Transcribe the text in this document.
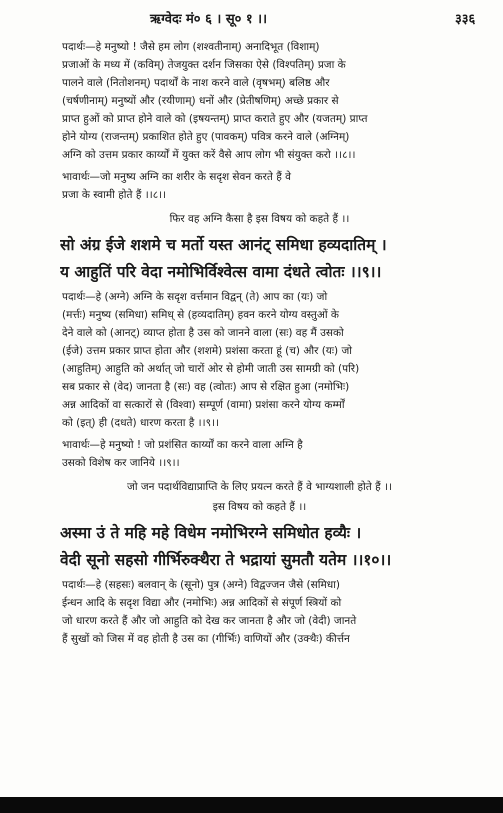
ऋग्वेदः मं० ६ । सू० १ ।।	३३६
पदार्थः—हे मनुष्यो ! जैसे हम लोग (शश्वतीनाम्) अनादिभूत (विशाम्)
प्रजाओं के मध्य में (कविम्) तेजयुक्त दर्शन जिसका ऐसे (विश्पतिम्) प्रजा के
पालने वाले (नितोशनम्) पदार्थों के नाश करने वाले (वृषभम्) बलिष्ठ और
(चर्षणीनाम्) मनुष्यों और (रयीणाम्) धनों और (प्रेतीषणिम्) अच्छे प्रकार से
प्राप्त हुओं को प्राप्त होने वाले को (इषयन्तम्) प्राप्त कराते हुए और (यजतम्) प्राप्त
होने योग्य (राजन्तम्) प्रकाशित होते हुए (पावकम्) पवित्र करने वाले (अग्निम्)
अग्नि को उत्तम प्रकार कार्य्यों में युक्त करें वैसे आप लोग भी संयुक्त करो ।।८।।
भावार्थः—जो मनुष्य अग्नि का शरीर के सदृश सेवन करते हैं वे
प्रजा के स्वामी होते हैं ।।८।।
फिर वह अग्नि कैसा है इस विषय को कहते हैं ।।
सो अंग्र ईजे शशमे च मर्तो यस्त आनंट् समिधा हव्यदातिम् ।
य आहुतिं परि वेदा नमोभिर्विश्वेत्स वामा दंधते त्वोतः ।।९।।
पदार्थः—हे (अग्ने) अग्नि के सदृश वर्त्तमान विद्वन् (ते) आप का (यः) जो
(मर्त्तः) मनुष्य (समिधा) समिध् से (हव्यदातिम्) हवन करने योग्य वस्तुओं के
देने वाले को (आनट्) व्याप्त होता है उस को जानने वाला (सः) वह मैं उसको
(ईजे) उत्तम प्रकार प्राप्त होता और (शशमे) प्रशंसा करता हूं (च) और (यः) जो
(आहुतिम्) आहुति को अर्थात् जो चारों ओर से होमी जाती उस सामग्री को (परि)
सब प्रकार से (वेद) जानता है (सः) वह (त्वोतः) आप से रक्षित हुआ (नमोभिः)
अन्न आदिकों वा सत्कारों से (विश्वा) सम्पूर्ण (वामा) प्रशंसा करने योग्य कर्म्मों
को (इत्) ही (दधते) धारण करता है ।।९।।
भावार्थः—हे मनुष्यो ! जो प्रशंसित कार्य्यों का करने वाला अग्नि है
उसको विशेष कर जानिये ।।९।।
जो जन पदार्थविद्याप्राप्ति के लिए प्रयत्न करते हैं वे भाग्यशाली होते हैं ।।
इस विषय को कहते हैं ।।
अस्मा उं ते महि महे विधेम नमोभिरग्ने समिधोत हव्यैः ।
वेदी सूनो सहसो गीर्भिरुक्थैरा ते भद्रायां सुमतौ यतेम ।।१०।।
पदार्थः—हे (सहसः) बलवान् के (सूनो) पुत्र (अग्ने) विद्वज्जन जैसे (समिधा)
ईन्धन आदि के सदृश विद्या और (नमोभिः) अन्न आदिकों से संपूर्ण स्त्रियों को
जो धारण करते हैं और जो आहुति को देख कर जानता है और जो (वेदी) जानते
हैं सुखों को जिस में वह होती है उस का (गीर्भिः) वाणियों और (उक्थैः) कीर्त्तन
